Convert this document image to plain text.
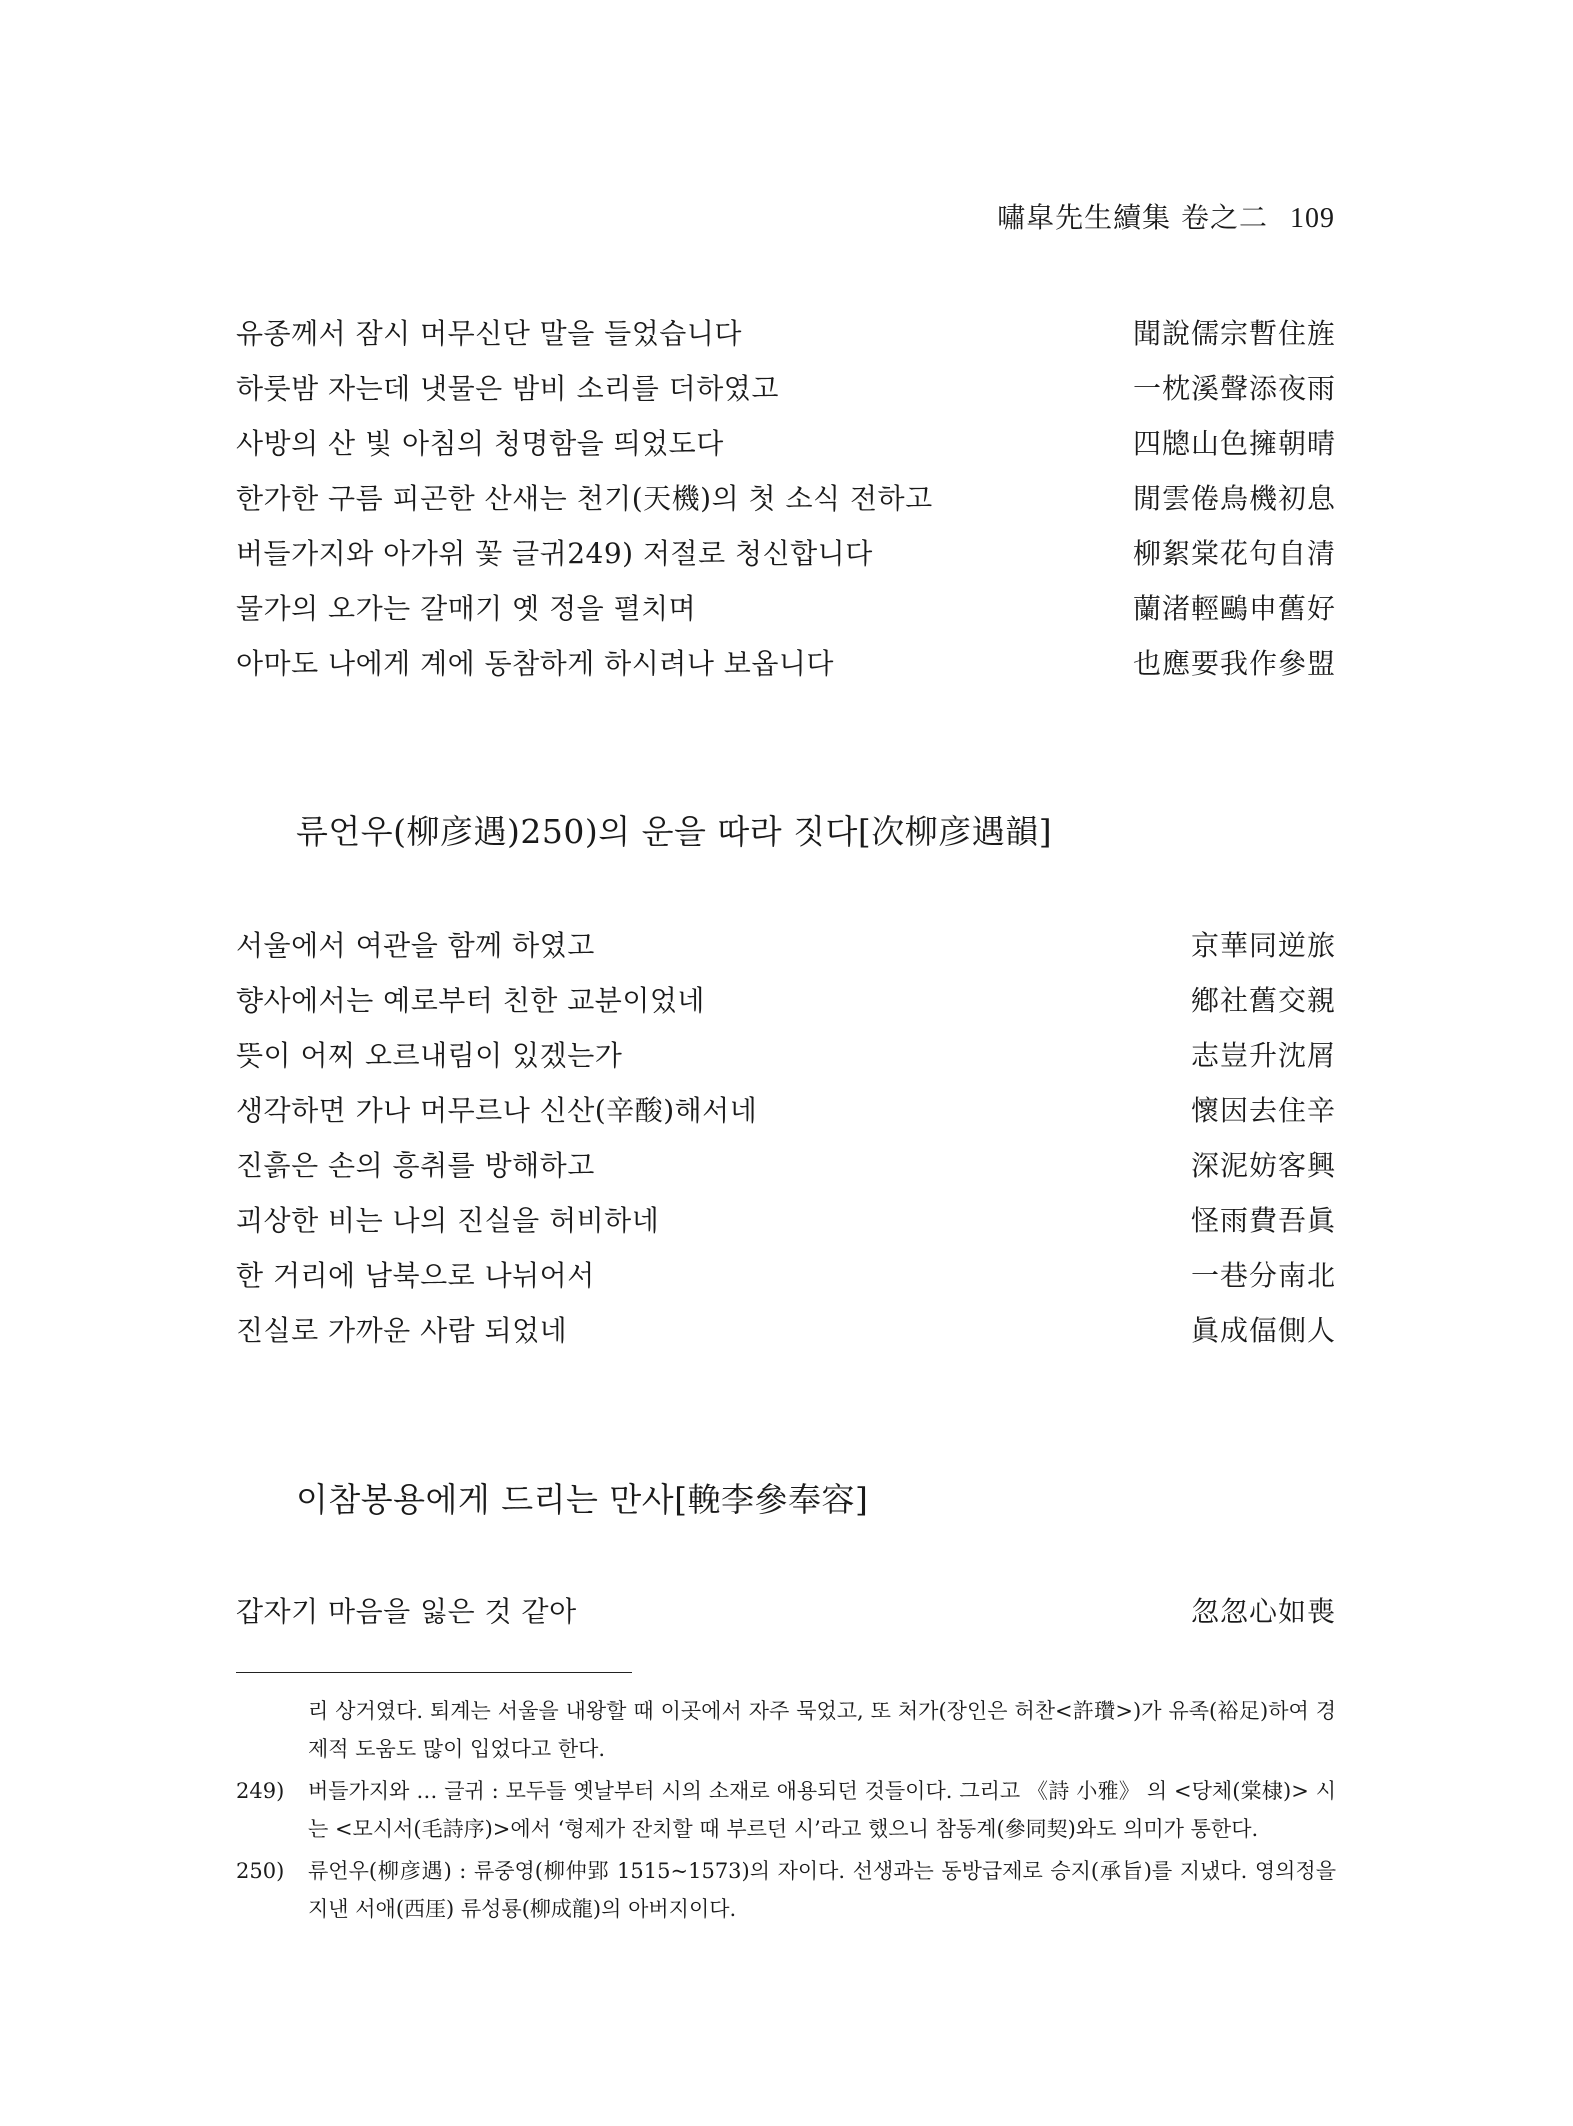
嘯皐先生續集 卷之二 109
유종께서 잠시 머무신단 말을 들었습니다	聞說儒宗暫住旌
하룻밤 자는데 냇물은 밤비 소리를 더하였고	一枕溪聲添夜雨
사방의 산 빛 아침의 청명함을 띄었도다	四牕山色擁朝晴
한가한 구름 피곤한 산새는 천기(天機)의 첫 소식 전하고	閒雲倦鳥機初息
버들가지와 아가위 꽃 글귀249) 저절로 청신합니다	柳絮棠花句自清
물가의 오가는 갈매기 옛 정을 펼치며	蘭渚輕鷗申舊好
아마도 나에게 계에 동참하게 하시려나 보옵니다	也應要我作參盟
류언우(柳彦遇)250)의 운을 따라 짓다[次柳彦遇韻]
서울에서 여관을 함께 하였고	京華同逆旅
향사에서는 예로부터 친한 교분이었네	鄕社舊交親
뜻이 어찌 오르내림이 있겠는가	志豈升沈屑
생각하면 가나 머무르나 신산(辛酸)해서네	懷因去住辛
진흙은 손의 흥취를 방해하고	深泥妨客興
괴상한 비는 나의 진실을 허비하네	怪雨費吾眞
한 거리에 남북으로 나뉘어서	一巷分南北
진실로 가까운 사람 되었네	眞成偪側人
이참봉용에게 드리는 만사[輓李參奉容]
갑자기 마음을 잃은 것 같아	忽忽心如喪
리 상거였다. 퇴계는 서울을 내왕할 때 이곳에서 자주 묵었고, 또 처가(장인은 허찬<許瓚>)가 유족(裕足)하여 경제적 도움도 많이 입었다고 한다.
249) 버들가지와 … 글귀 : 모두들 옛날부터 시의 소재로 애용되던 것들이다. 그리고 《詩 小雅》 의 <당체(棠棣)> 시는 <모시서(毛詩序)>에서 ‘형제가 잔치할 때 부르던 시’라고 했으니 참동계(參同契)와도 의미가 통한다.
250) 류언우(柳彦遇) : 류중영(柳仲郢 1515~1573)의 자이다. 선생과는 동방급제로 승지(承旨)를 지냈다. 영의정을 지낸 서애(西厓) 류성룡(柳成龍)의 아버지이다.
